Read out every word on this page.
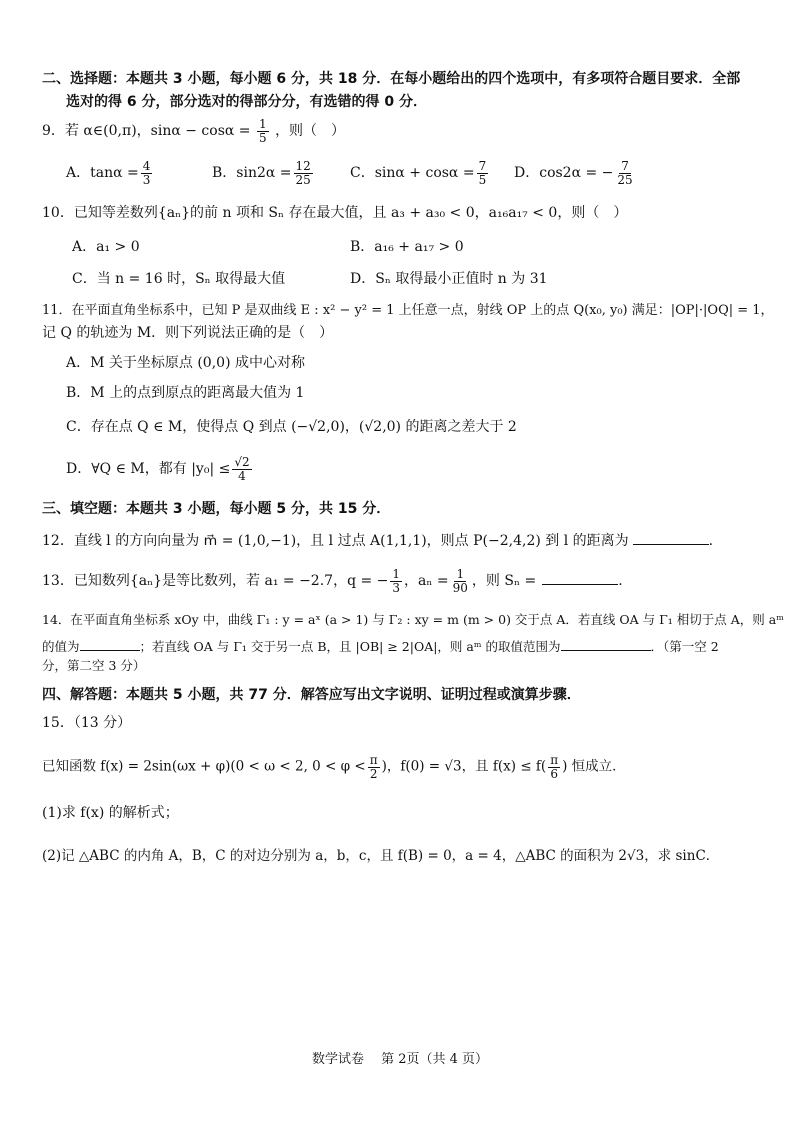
二、选择题：本题共 3 小题，每小题 6 分，共 18 分．在每小题给出的四个选项中，有多项符合题目要求．全部
选对的得 6 分，部分选对的得部分分，有选错的得 0 分．
9．若 α∈(0,π)，$\sin\alpha - \cos\alpha = \frac{1}{5}$ ，则（　）
A．$\tan\alpha = \frac{4}{3}$	B．$\sin 2\alpha = \frac{12}{25}$	C．$\sin\alpha + \cos\alpha = \frac{7}{5}$ D．cos2α = − $\frac{7}{25}$
10．已知等差数列{aₙ}的前 n 项和 Sₙ 存在最大值，且 a₃ + a₃₀ < 0，a₁₆a₁₇ < 0，则（　）
A．a₁ > 0	B．a₁₆ + a₁₇ > 0
C．当 n = 16 时，Sₙ 取得最大值	D．Sₙ 取得最小正值时 n 为 31
11．在平面直角坐标系中，已知 P 是双曲线 E : x² − y² = 1 上任意一点，射线 OP 上的点 Q(x₀, y₀) 满足：|OP|·|OQ| = 1，
记 Q 的轨迹为 M．则下列说法正确的是（　）
A．M 关于坐标原点 (0,0) 成中心对称
B．M 上的点到原点的距离最大值为 1
C．存在点 Q ∈ M，使得点 Q 到点 (−√2,0)，(√2,0) 的距离之差大于 2
D．∀Q ∈ M，都有 $|y_0| \le \frac{√2}{4}$
三、填空题：本题共 3 小题，每小题 5 分，共 15 分．
12．直线 l 的方向向量为 m⃗ = (1,0,−1)，且 l 过点 A(1,1,1)，则点 P(−2,4,2) 到 l 的距离为	.
13．已知数列{aₙ}是等比数列，若 a₁ = −2.7，q = − $\frac{1}{3}$ ，$a_n = \frac{1}{90}$ ，则 Sₙ =	.
14．在平面直角坐标系 xOy 中，曲线 Γ₁ : y = aˣ (a > 1) 与 Γ₂ : xy = m (m > 0) 交于点 A．若直线 OA 与 Γ₁ 相切于点 A，则 aᵐ
的值为	；若直线 OA 与 Γ₁ 交于另一点 B，且 |OB| ≥ 2|OA|，则 aᵐ 的取值范围为	．（第一空 2
分，第二空 3 分）
四、解答题：本题共 5 小题，共 77 分．解答应写出文字说明、证明过程或演算步骤．
15．（13 分）
已知函数 f(x) = 2sin(ωx + φ)(0 < ω < 2, $0 < \varphi < \frac{\pi}{2}$ )，f(0) = √3，且 $f(x) \le f( \frac{\pi}{6}$ ) 恒成立．
(1)求 f(x) 的解析式；
(2)记 △ABC 的内角 A，B，C 的对边分别为 a，b，c，且 f(B) = 0，a = 4，△ABC 的面积为 2√3，求 sinC．
数学试卷　 第 2页（共 4 页）
